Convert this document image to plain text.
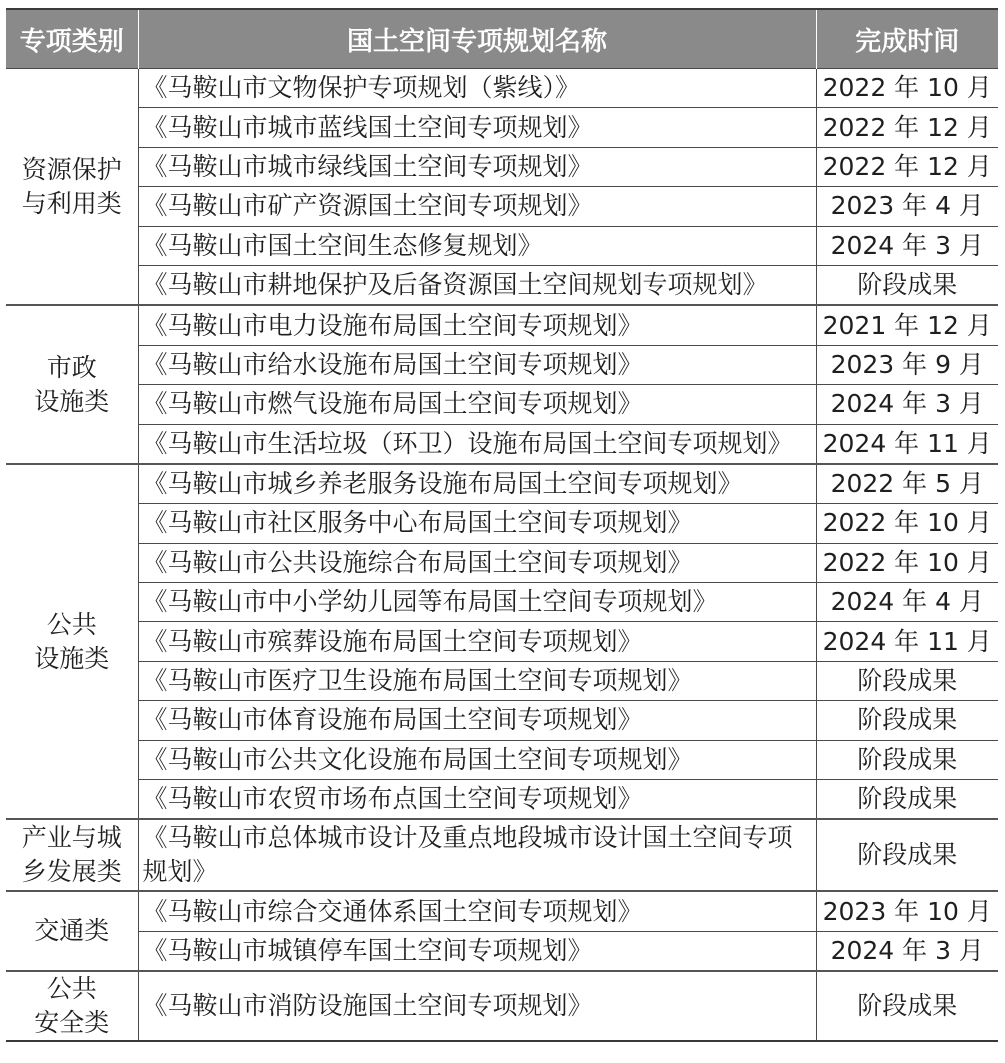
专项类别	国土空间专项规划名称	完成时间

资源保护
与利用类	《马鞍山市文物保护专项规划（紫线）》	2022 年 10 月
	《马鞍山市城市蓝线国土空间专项规划》	2022 年 12 月
	《马鞍山市城市绿线国土空间专项规划》	2022 年 12 月
	《马鞍山市矿产资源国土空间专项规划》	2023 年 4 月
	《马鞍山市国土空间生态修复规划》	2024 年 3 月
	《马鞍山市耕地保护及后备资源国土空间规划专项规划》	阶段成果

市政
设施类	《马鞍山市电力设施布局国土空间专项规划》	2021 年 12 月
	《马鞍山市给水设施布局国土空间专项规划》	2023 年 9 月
	《马鞍山市燃气设施布局国土空间专项规划》	2024 年 3 月
	《马鞍山市生活垃圾（环卫）设施布局国土空间专项规划》	2024 年 11 月

公共
设施类	《马鞍山市城乡养老服务设施布局国土空间专项规划》	2022 年 5 月
	《马鞍山市社区服务中心布局国土空间专项规划》	2022 年 10 月
	《马鞍山市公共设施综合布局国土空间专项规划》	2022 年 10 月
	《马鞍山市中小学幼儿园等布局国土空间专项规划》	2024 年 4 月
	《马鞍山市殡葬设施布局国土空间专项规划》	2024 年 11 月
	《马鞍山市医疗卫生设施布局国土空间专项规划》	阶段成果
	《马鞍山市体育设施布局国土空间专项规划》	阶段成果
	《马鞍山市公共文化设施布局国土空间专项规划》	阶段成果
	《马鞍山市农贸市场布点国土空间专项规划》	阶段成果

产业与城
乡发展类	《马鞍山市总体城市设计及重点地段城市设计国土空间专项规划》	阶段成果

交通类	《马鞍山市综合交通体系国土空间专项规划》	2023 年 10 月
	《马鞍山市城镇停车国土空间专项规划》	2024 年 3 月

公共
安全类	《马鞍山市消防设施国土空间专项规划》	阶段成果
